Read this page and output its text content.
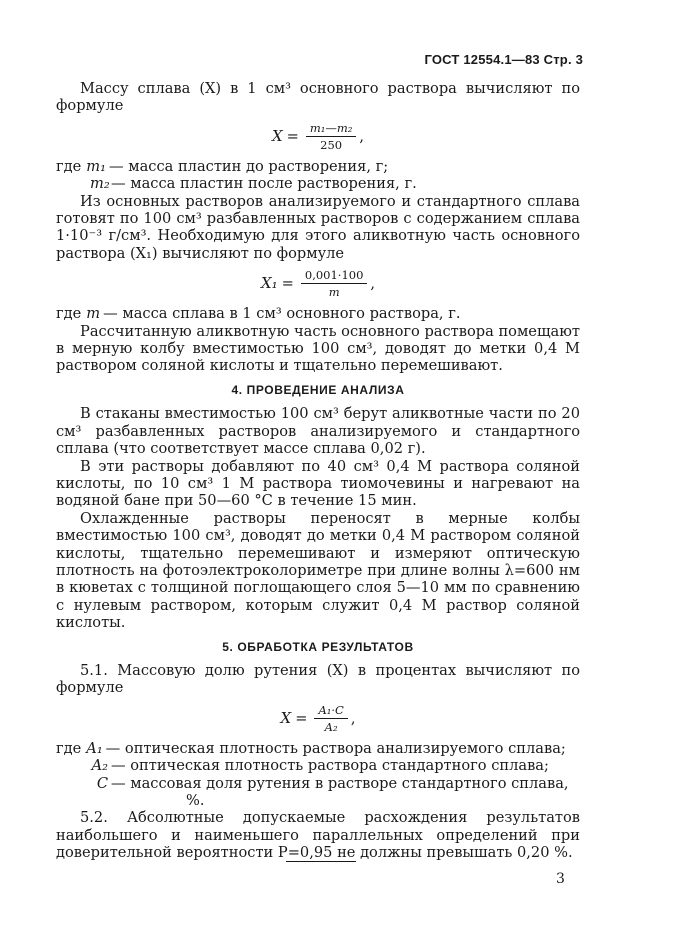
ГОСТ 12554.1—83 Стр. 3

Массу сплава (X) в 1 см³ основного раствора вычисляют по формуле

$X = \frac{\text{m₁—m₂}}{250}$ ,
где m₁ — масса пластин до растворения, г;
m₂ — масса пластин после растворения, г.

Из основных растворов анализируемого и стандартного сплава готовят по 100 см³ разбавленных растворов с содержанием сплава 1·10⁻³ г/см³. Необходимую для этого аликвотную часть основного раствора (X₁) вычисляют по формуле

$X_1 = \frac{0,001\cdot 100}{m}$ ,
где m — масса сплава в 1 см³ основного раствора, г.

Рассчитанную аликвотную часть основного раствора помещают в мерную колбу вместимостью 100 см³, доводят до метки 0,4 М раствором соляной кислоты и тщательно перемешивают.

4. ПРОВЕДЕНИЕ АНАЛИЗА

В стаканы вместимостью 100 см³ берут аликвотные части по 20 см³ разбавленных растворов анализируемого и стандартного сплава (что соответствует массе сплава 0,02 г).

В эти растворы добавляют по 40 см³ 0,4 М раствора соляной кислоты, по 10 см³ 1 М раствора тиомочевины и нагревают на водяной бане при 50—60 °С в течение 15 мин.

Охлажденные растворы переносят в мерные колбы вместимостью 100 см³, доводят до метки 0,4 М раствором соляной кислоты, тщательно перемешивают и измеряют оптическую плотность на фотоэлектроколориметре при длине волны λ=600 нм в кюветах с толщиной поглощающего слоя 5—10 мм по сравнению с нулевым раствором, которым служит 0,4 М раствор соляной кислоты.

5. ОБРАБОТКА РЕЗУЛЬТАТОВ

5.1. Массовую долю рутения (X) в процентах вычисляют по формуле

$X = \frac{\text{A₁·C}}{\text{A₂}}$ ,
где A₁ — оптическая плотность раствора анализируемого сплава;
A₂ — оптическая плотность раствора стандартного сплава;
C — массовая доля рутения в растворе стандартного сплава,
%.

5.2. Абсолютные допускаемые расхождения результатов наибольшего и наименьшего параллельных определений при доверительной вероятности P=0,95 не должны превышать 0,20 %.

3
